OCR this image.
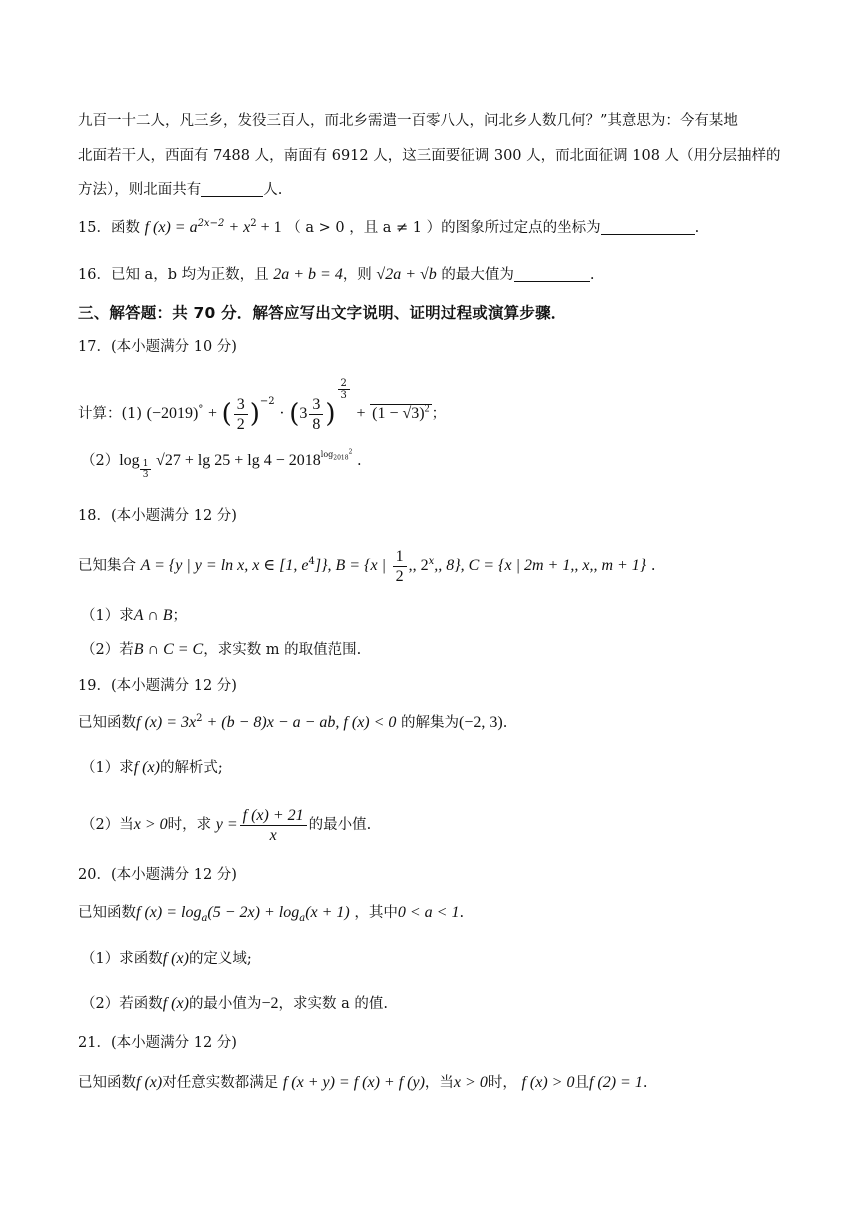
九百一十二人，凡三乡，发役三百人，而北乡需遣一百零八人，问北乡人数几何？”其意思为：今有某地
北面若干人，西面有 7488 人，南面有 6912 人，这三面要征调 300 人，而北面征调 108 人（用分层抽样的
方法），则北面共有	人.
15．函数 f $(x) = a^{2x-2} + x^2 + 1$ （ a > 0 ，且 a ≠ 1 ）的图象所过定点的坐标为	.
16．已知 a，b 均为正数，且 2a + b = 4，则 √2a + √b 的最大值为	.
三、解答题：共 70 分．解答应写出文字说明、证明过程或演算步骤．
17．(本小题满分 10 分)
计算：(1) (−2019)° + ( $\frac{3}{2} )^{-2} \cdot (3 \frac{3}{8}$ )
$\frac{2}{3}$
+ $(1 - √3)^2$ ；
$(2)\log \frac{1}{3} √27 + \lg 25 + \lg 4 - 2018^{log_{2018}^2}$ .
18．(本小题满分 12 分)
已知集合 A = {y | y = ln x, x ∈ [1, $e^4$]}, B = {x | $\frac{1}{2}$ ,, 2$^x$,, 8}, C = {x | 2m + 1,, x,, m + 1} .
（1）求A ∩ B；
（2）若B ∩ C = C，求实数 m 的取值范围.
19．(本小题满分 12 分)
已知函数f $(x) = 3x^2 + (b - 8)x - a$ − ab, f (x) < 0 的解集为(−2, 3).
（1）求f (x)的解析式;
（2）当x > 0时，求 $y = \frac{f (x) + 21}{x}$ 的最小值.
20．(本小题满分 12 分)
已知函数f $(x) = \log_a(5 - 2x) + \log_a(x + 1)$ ，其中0 < a < 1.
（1）求函数f (x)的定义域;
（2）若函数f (x)的最小值为−2，求实数 a 的值.
21．(本小题满分 12 分)
已知函数f (x)对任意实数都满足 f (x + y) = f (x) + f (y)，当x > 0时， f (x) > 0且f (2) = 1.
